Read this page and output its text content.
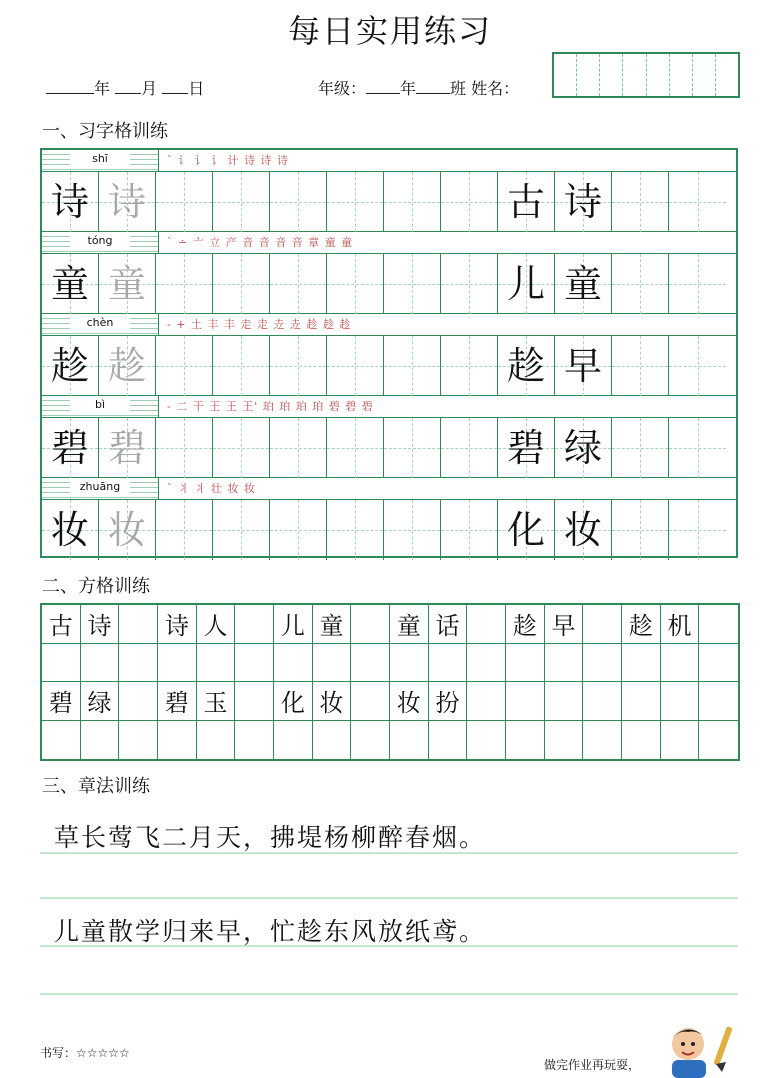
每日实用练习
年 月 日	年级： 年 班 姓名：
一、习字格训练
shī	` 讠 讠 讠 计 诗 诗 诗
诗 诗	古 诗
tóng	` ∸ 亠 立 产 音 音 音 音 章 童 童
童 童	儿 童
chèn	- + 土 丰 丰 走 走 赱 赱 趁 趁 趁
趁 趁	趁 早
bì	- 二 干 王 王 王' 珀 珀 珀 珀 碧 碧 碧
碧 碧	碧 绿
zhuāng	` 丬 丬 壮 妆 妆
妆 妆	化 妆
二、方格训练
古 诗	诗 人	儿 童	童 话	趁 早	趁 机
碧 绿	碧 玉	化 妆	妆 扮
三、章法训练
草长莺飞二月天，拂堤杨柳醉春烟。
儿童散学归来早，忙趁东风放纸鸢。
书写：☆☆☆☆☆
做完作业再玩耍，
